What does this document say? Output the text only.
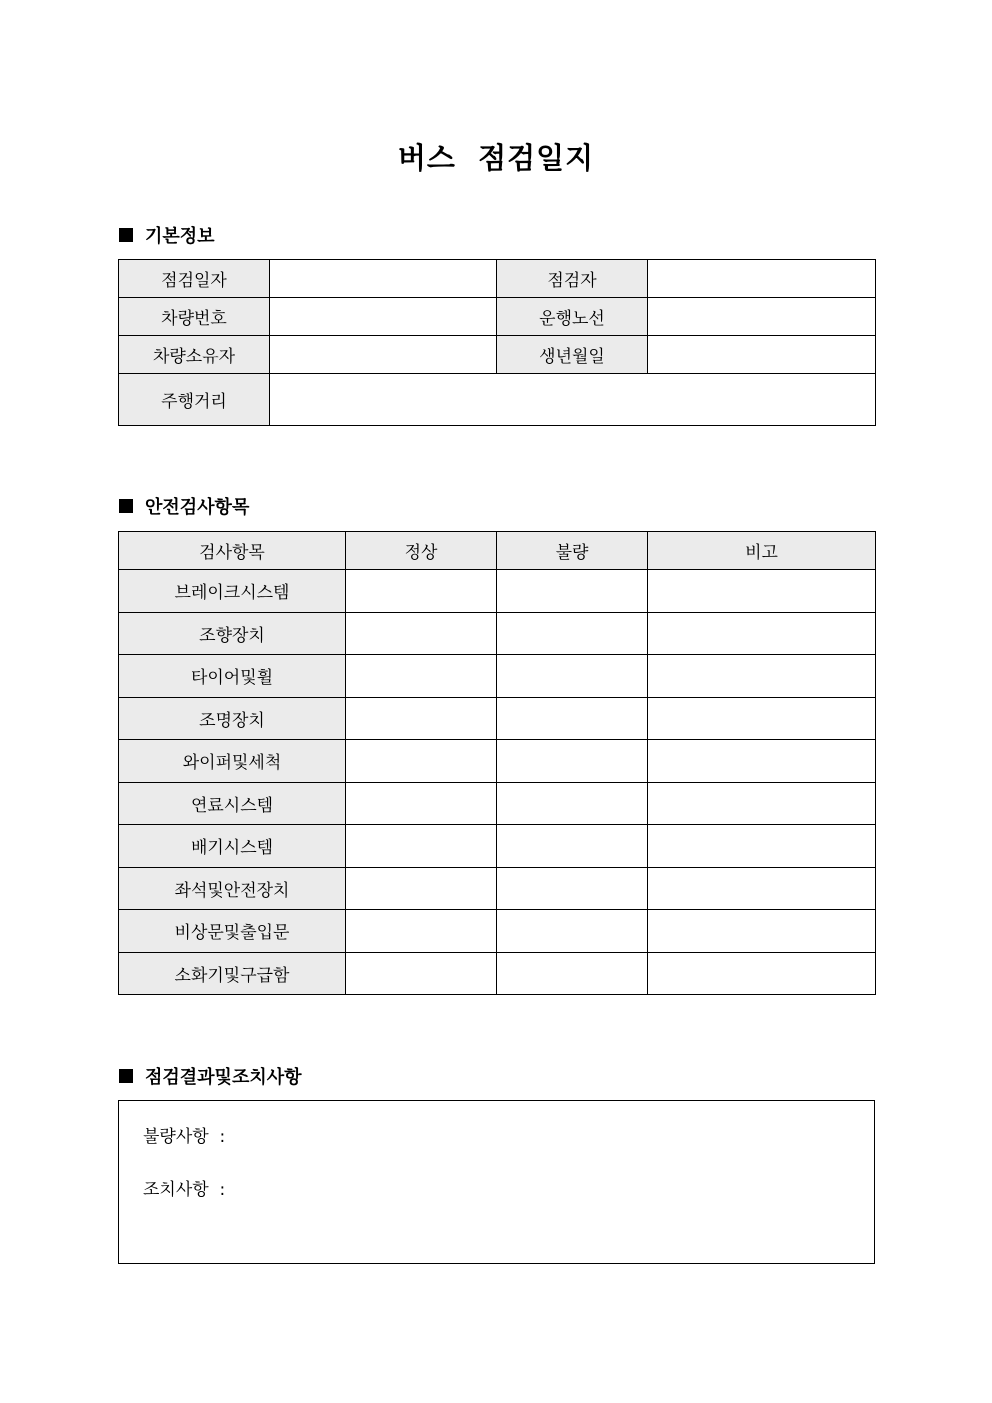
버스  점검일지
기본정보
점검일자		점검자	
차량번호		운행노선	
차량소유자		생년월일	
주행거리			
안전검사항목
검사항목	정상	불량	비고
브레이크시스템			
조향장치			
타이어및휠			
조명장치			
와이퍼및세척			
연료시스템			
배기시스템			
좌석및안전장치			
비상문및출입문			
소화기및구급함			
점검결과및조치사항
불량사항  :
조치사항  :
